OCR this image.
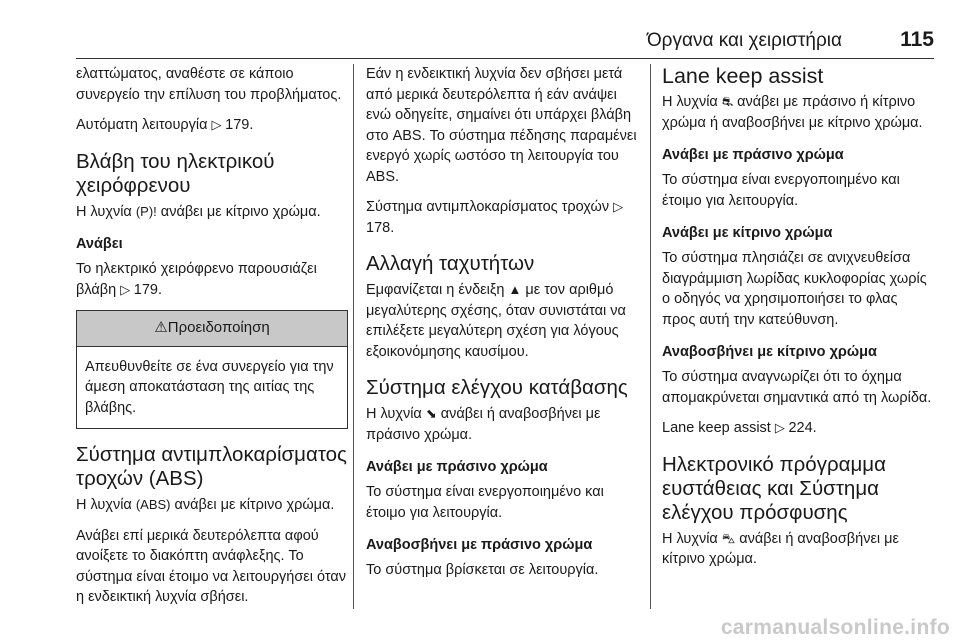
Όργανα και χειριστήρια	115

ελαττώματος, αναθέστε σε κάποιο συνεργείο την επίλυση του προβλήματος.

Αυτόματη λειτουργία ▷ 179.

Βλάβη του ηλεκτρικού χειρόφρενου

Η λυχνία (P)! ανάβει με κίτρινο χρώμα.

Ανάβει

Το ηλεκτρικό χειρόφρενο παρουσιάζει βλάβη ▷ 179.

⚠Προειδοποίηση
Απευθυνθείτε σε ένα συνεργείο για την άμεση αποκατάσταση της αιτίας της βλάβης.
Σύστημα αντιμπλοκαρίσματος τροχών (ABS)

Η λυχνία (ABS) ανάβει με κίτρινο χρώμα.

Ανάβει επί μερικά δευτερόλεπτα αφού ανοίξετε το διακόπτη ανάφλεξης. Το σύστημα είναι έτοιμο να λειτουργήσει όταν η ενδεικτική λυχνία σβήσει.

Εάν η ενδεικτική λυχνία δεν σβήσει μετά από μερικά δευτερόλεπτα ή εάν ανάψει ενώ οδηγείτε, σημαίνει ότι υπάρχει βλάβη στο ABS. Το σύστημα πέδησης παραμένει ενεργό χωρίς ωστόσο τη λειτουργία του ABS.

Σύστημα αντιμπλοκαρίσματος τροχών ▷ 178.

Αλλαγή ταχυτήτων

Εμφανίζεται η ένδειξη ▲ με τον αριθμό μεγαλύτερης σχέσης, όταν συνιστάται να επιλέξετε μεγαλύτερη σχέση για λόγους εξοικονόμησης καυσίμου.

Σύστημα ελέγχου κατάβασης

Η λυχνία ⬊ ανάβει ή αναβοσβήνει με πράσινο χρώμα.

Ανάβει με πράσινο χρώμα

Το σύστημα είναι ενεργοποιημένο και έτοιμο για λειτουργία.

Αναβοσβήνει με πράσινο χρώμα

Το σύστημα βρίσκεται σε λειτουργία.

Lane keep assist

Η λυχνία ⛐ ανάβει με πράσινο ή κίτρινο χρώμα ή αναβοσβήνει με κίτρινο χρώμα.

Ανάβει με πράσινο χρώμα

Το σύστημα είναι ενεργοποιημένο και έτοιμο για λειτουργία.

Ανάβει με κίτρινο χρώμα

Το σύστημα πλησιάζει σε ανιχνευθείσα διαγράμμιση λωρίδας κυκλοφορίας χωρίς ο οδηγός να χρησιμοποιήσει το φλας προς αυτή την κατεύθυνση.

Αναβοσβήνει με κίτρινο χρώμα

Το σύστημα αναγνωρίζει ότι το όχημα απομακρύνεται σημαντικά από τη λωρίδα.

Lane keep assist ▷ 224.

Ηλεκτρονικό πρόγραμμα ευστάθειας και Σύστημα ελέγχου πρόσφυσης

Η λυχνία ⛍ ανάβει ή αναβοσβήνει με κίτρινο χρώμα.

carmanualsonline.info
